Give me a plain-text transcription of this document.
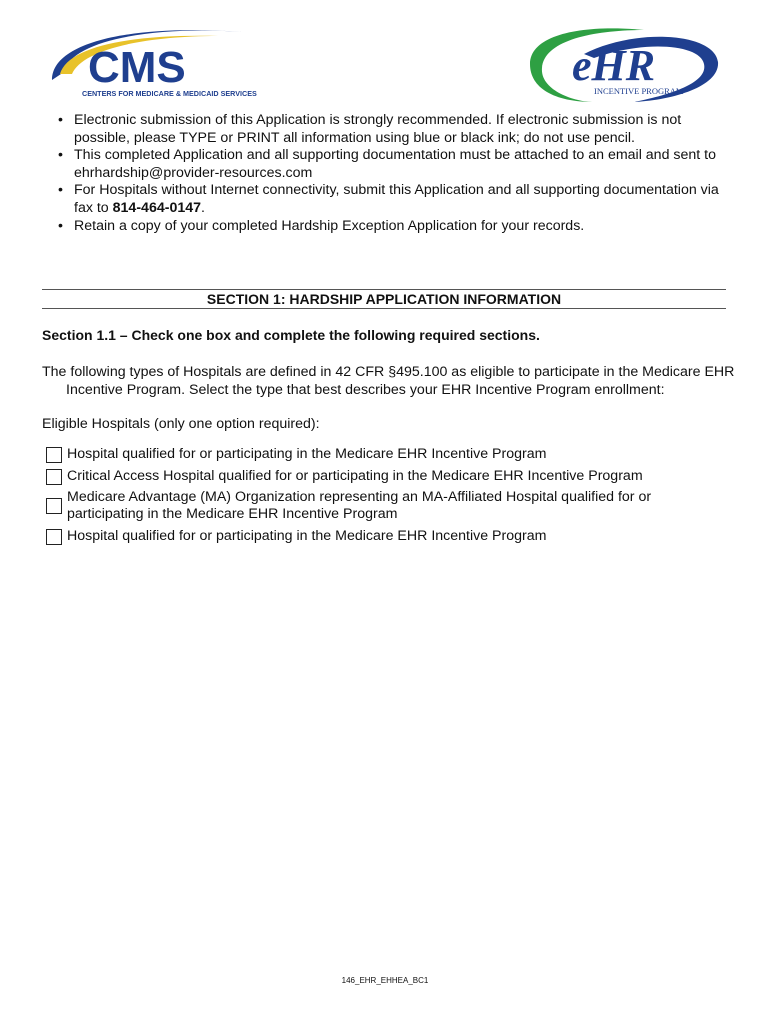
CMS
CENTERS FOR MEDICARE & MEDICAID SERVICES
eHR
INCENTIVE PROGRAM
• Electronic submission of this Application is strongly recommended. If electronic submission is not possible, please TYPE or PRINT all information using blue or black ink; do not use pencil.
• This completed Application and all supporting documentation must be attached to an email and sent to ehrhardship@provider-resources.com
• For Hospitals without Internet connectivity, submit this Application and all supporting documentation via fax to 814-464-0147.
• Retain a copy of your completed Hardship Exception Application for your records.
SECTION 1: HARDSHIP APPLICATION INFORMATION
Section 1.1 – Check one box and complete the following required sections.
The following types of Hospitals are defined in 42 CFR §495.100 as eligible to participate in the Medicare EHR Incentive Program. Select the type that best describes your EHR Incentive Program enrollment:
Eligible Hospitals (only one option required):
Hospital qualified for or participating in the Medicare EHR Incentive Program
Critical Access Hospital qualified for or participating in the Medicare EHR Incentive Program
Medicare Advantage (MA) Organization representing an MA-Affiliated Hospital qualified for or participating in the Medicare EHR Incentive Program
Hospital qualified for or participating in the Medicare EHR Incentive Program
146_EHR_EHHEA_BC1
